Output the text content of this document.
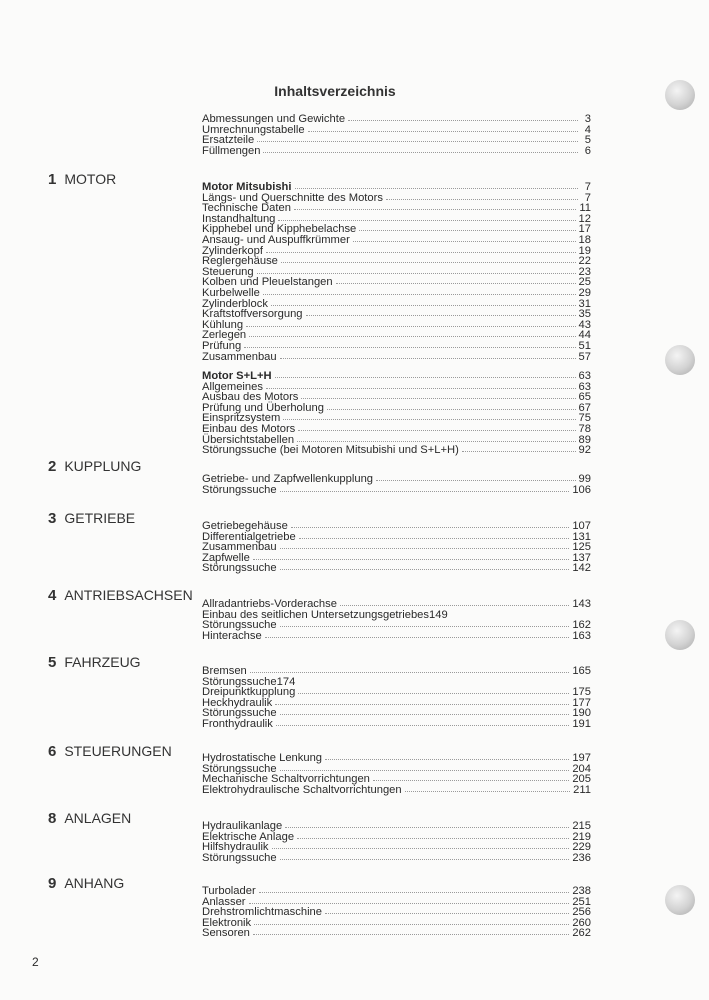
Inhaltsverzeichnis
Abmessungen und Gewichte	3
Umrechnungstabelle	4
Ersatzteile	5
Füllmengen	6
1 MOTOR	Motor Mitsubishi	7
Längs- und Querschnitte des Motors	7
Technische Daten	11
Instandhaltung	12
Kipphebel und Kipphebelachse	17
Ansaug- und Auspuffkrümmer	18
Zylinderkopf	19
Reglergehäuse	22
Steuerung	23
Kolben und Pleuelstangen	25
Kurbelwelle	29
Zylinderblock	31
Kraftstoffversorgung	35
Kühlung	43
Zerlegen	44
Prüfung	51
Zusammenbau	57
Motor S+L+H	63
Allgemeines	63
Ausbau des Motors	65
Prüfung und Überholung	67
Einspritzsystem	75
Einbau des Motors	78
Übersichtstabellen	89
Störungssuche (bei Motoren Mitsubishi und S+L+H)	92
2 KUPPLUNG
Getriebe- und Zapfwellenkupplung	99
Störungssuche	106
3 GETRIEBE	Getriebegehäuse	107
Differentialgetriebe	131
Zusammenbau	125
Zapfwelle	137
Störungssuche	142
4 ANTRIEBSACHSEN
Allradantriebs-Vorderachse	143
Einbau des seitlichen Untersetzungsgetriebes149
Störungssuche	162
Hinterachse	163
5 FAHRZEUG
Bremsen	165
Störungssuche174
Dreipunktkupplung	175
Heckhydraulik	177
Störungssuche	190
Fronthydraulik	191
6 STEUERUNGEN	Hydrostatische Lenkung	197
Störungssuche	204
Mechanische Schaltvorrichtungen	205
Elektrohydraulische Schaltvorrichtungen	211
8 ANLAGEN	Hydraulikanlage	215
Elektrische Anlage	219
Hilfshydraulik	229
Störungssuche	236
9 ANHANG	Turbolader	238
Anlasser	251
Drehstromlichtmaschine	256
Elektronik	260
Sensoren	262
2
